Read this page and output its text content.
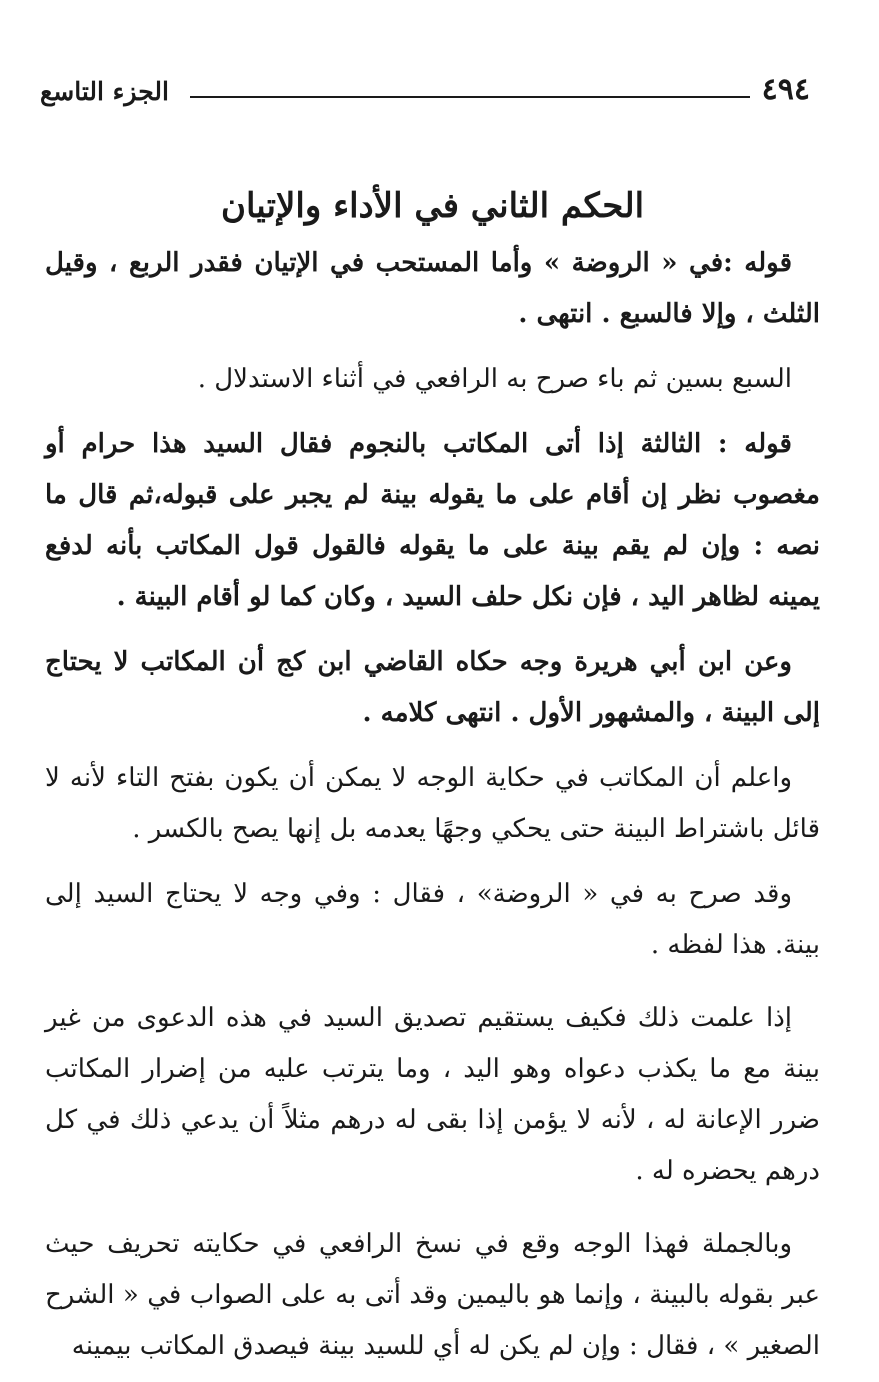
٤٩٤
الجزء التاسع
الحكم الثاني في الأداء والإتيان

قوله :في « الروضة » وأما المستحب في الإتيان فقدر الربع ، وقيل الثلث ، وإلا فالسبع . انتهى .

السبع بسين ثم باء صرح به الرافعي في أثناء الاستدلال .

قوله : الثالثة إذا أتى المكاتب بالنجوم فقال السيد هذا حرام أو مغصوب نظر إن أقام على ما يقوله بينة لم يجبر على قبوله،ثم قال ما نصه : وإن لم يقم بينة على ما يقوله فالقول قول المكاتب بأنه لدفع يمينه لظاهر اليد ، فإن نكل حلف السيد ، وكان كما لو أقام البينة .

وعن ابن أبي هريرة وجه حكاه القاضي ابن كج أن المكاتب لا يحتاج إلى البينة ، والمشهور الأول . انتهى كلامه .

واعلم أن المكاتب في حكاية الوجه لا يمكن أن يكون بفتح التاء لأنه لا قائل باشتراط البينة حتى يحكي وجهًا يعدمه بل إنها يصح بالكسر .

وقد صرح به في « الروضة» ، فقال : وفي وجه لا يحتاج السيد إلى بينة. هذا لفظه .

إذا علمت ذلك فكيف يستقيم تصديق السيد في هذه الدعوى من غير بينة مع ما يكذب دعواه وهو اليد ، وما يترتب عليه من إضرار المكاتب ضرر الإعانة له ، لأنه لا يؤمن إذا بقى له درهم مثلاً أن يدعي ذلك في كل درهم يحضره له .

وبالجملة فهذا الوجه وقع في نسخ الرافعي في حكايته تحريف حيث عبر بقوله بالبينة ، وإنما هو باليمين وقد أتى به على الصواب في « الشرح الصغير » ، فقال : وإن لم يكن له أي للسيد بينة فيصدق المكاتب بيمينه
